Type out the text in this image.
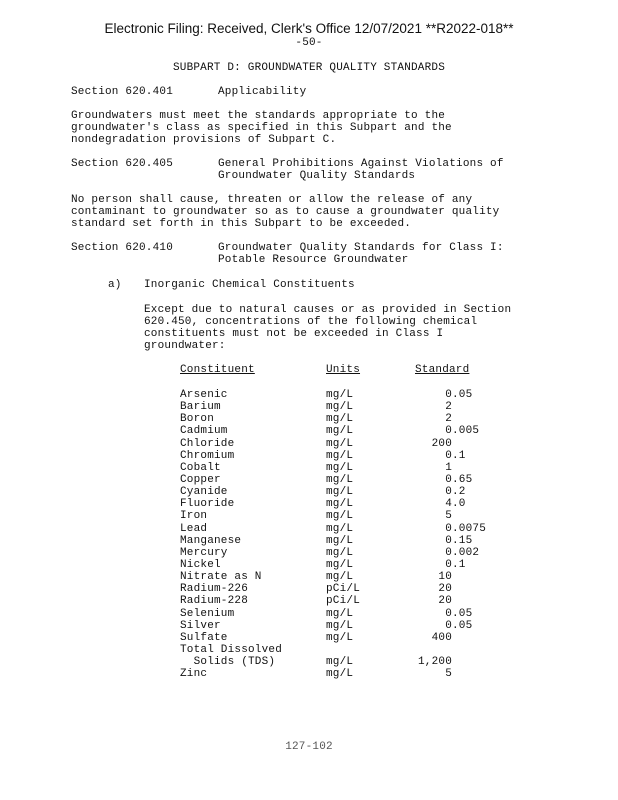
Electronic Filing: Received, Clerk's Office 12/07/2021 **R2022-018**
-50-
SUBPART D: GROUNDWATER QUALITY STANDARDS
Section 620.401	Applicability
Groundwaters must meet the standards appropriate to the
groundwater's class as specified in this Subpart and the
nondegradation provisions of Subpart C.
Section 620.405	General Prohibitions Against Violations of
Groundwater Quality Standards
No person shall cause, threaten or allow the release of any
contaminant to groundwater so as to cause a groundwater quality
standard set forth in this Subpart to be exceeded.
Section 620.410	Groundwater Quality Standards for Class I:
Potable Resource Groundwater
a) Inorganic Chemical Constituents
Except due to natural causes or as provided in Section
620.450, concentrations of the following chemical
constituents must not be exceeded in Class I
groundwater:
Constituent	Units	Standard
Arsenic	mg/L	0.05
Barium	mg/L	2
Boron	mg/L	2
Cadmium	mg/L	0.005
Chloride	mg/L	200
Chromium	mg/L	0.1
Cobalt	mg/L	1
Copper	mg/L	0.65
Cyanide	mg/L	0.2
Fluoride	mg/L	4.0
Iron	mg/L	5
Lead	mg/L	0.0075
Manganese	mg/L	0.15
Mercury	mg/L	0.002
Nickel	mg/L	0.1
Nitrate as N	mg/L	10
Radium-226	pCi/L	20
Radium-228	pCi/L	20
Selenium	mg/L	0.05
Silver	mg/L	0.05
Sulfate	mg/L	400
Total Dissolved		
Solids (TDS)	mg/L	1,200
Zinc	mg/L	5
127-102
